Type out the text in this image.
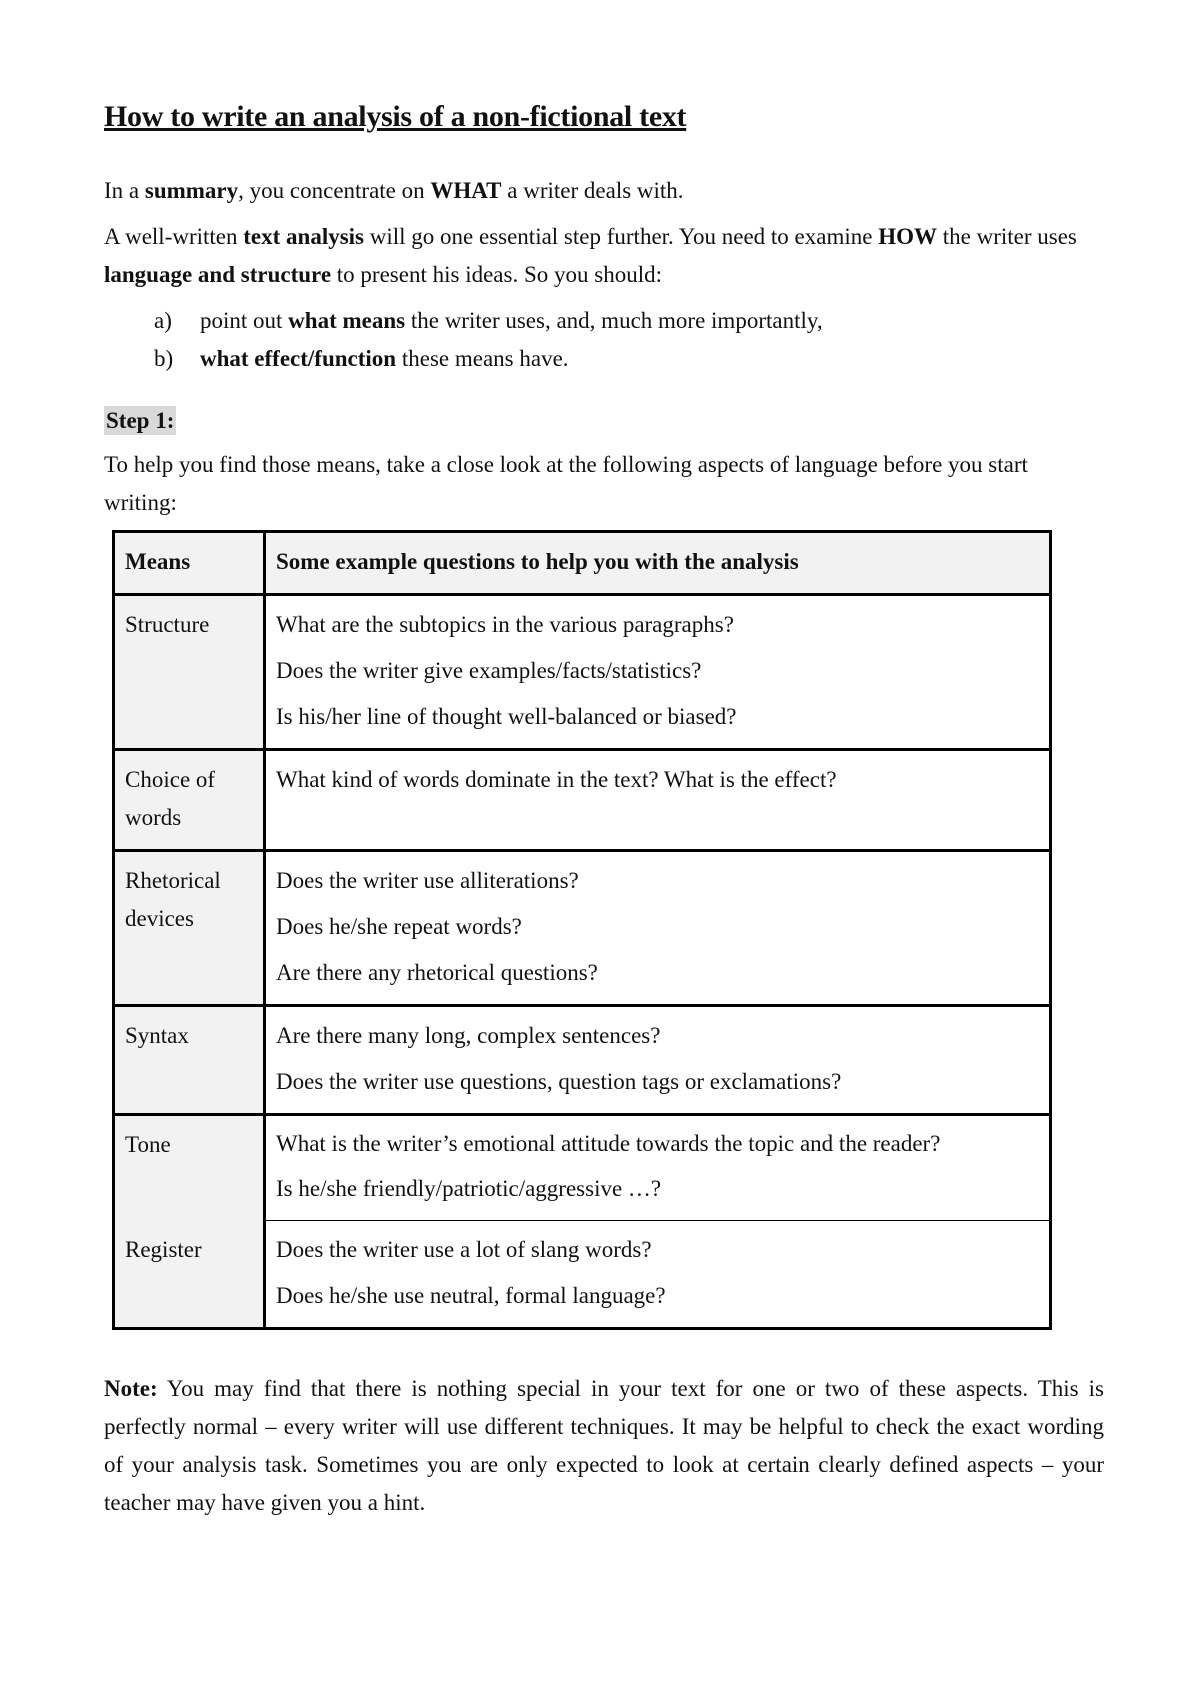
How to write an analysis of a non-fictional text

In a summary, you concentrate on WHAT a writer deals with.

A well-written text analysis will go one essential step further. You need to examine HOW the writer uses language and structure to present his ideas. So you should:

a)	point out what means the writer uses, and, much more importantly,
b)	what effect/function these means have.
Step 1:

To help you find those means, take a close look at the following aspects of language before you start writing:

Means	Some example questions to help you with the analysis
Structure	What are the subtopics in the various paragraphs?
Does the writer give examples/facts/statistics?
Is his/her line of thought well-balanced or biased?

Choice of words	What kind of words dominate in the text? What is the effect?

Rhetorical devices	Does the writer use alliterations?
Does he/she repeat words?
Are there any rhetorical questions?

Syntax	Are there many long, complex sentences?
Does the writer use questions, question tags or exclamations?

Tone	What is the writer’s emotional attitude towards the topic and the reader?
Is he/she friendly/patriotic/aggressive …?

Register	Does the writer use a lot of slang words?
Does he/she use neutral, formal language?

Note: You may find that there is nothing special in your text for one or two of these aspects. This is perfectly normal – every writer will use different techniques. It may be helpful to check the exact wording of your analysis task. Sometimes you are only expected to look at certain clearly defined aspects – your teacher may have given you a hint.
